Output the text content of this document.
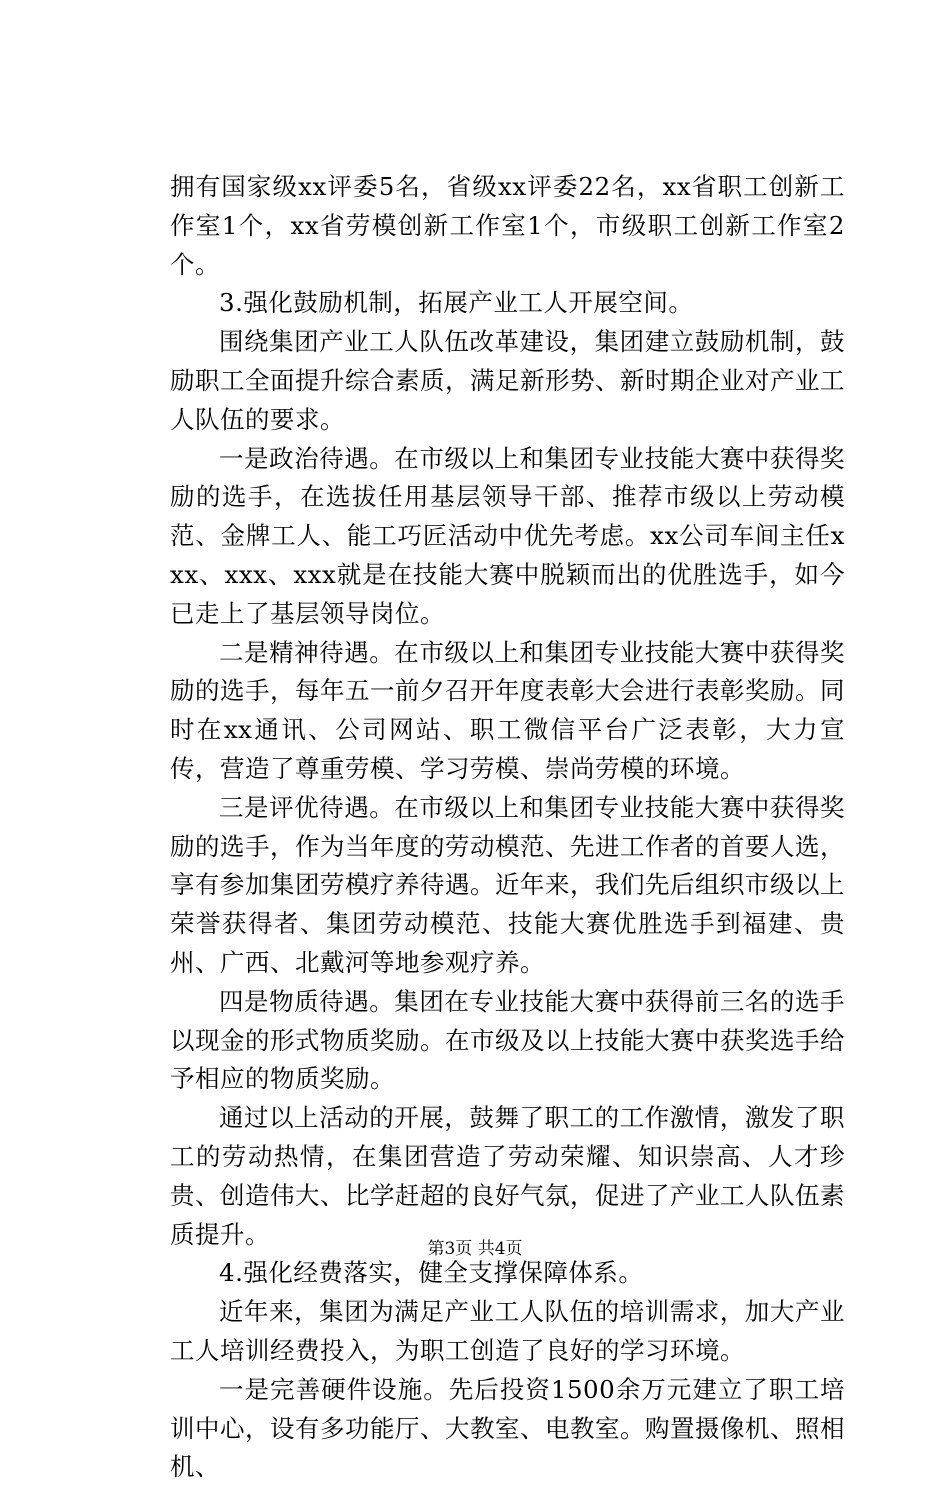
拥有国家级xx评委5名，省级xx评委22名，xx省职工创新工作室1个，xx省劳模创新工作室1个，市级职工创新工作室2个。

3.强化鼓励机制，拓展产业工人开展空间。

围绕集团产业工人队伍改革建设，集团建立鼓励机制，鼓励职工全面提升综合素质，满足新形势、新时期企业对产业工人队伍的要求。

一是政治待遇。在市级以上和集团专业技能大赛中获得奖励的选手，在选拔任用基层领导干部、推荐市级以上劳动模范、金牌工人、能工巧匠活动中优先考虑。xx公司车间主任xxx、xxx、xxx就是在技能大赛中脱颖而出的优胜选手，如今已走上了基层领导岗位。

二是精神待遇。在市级以上和集团专业技能大赛中获得奖励的选手，每年五一前夕召开年度表彰大会进行表彰奖励。同时在xx通讯、公司网站、职工微信平台广泛表彰，大力宣传，营造了尊重劳模、学习劳模、崇尚劳模的环境。

三是评优待遇。在市级以上和集团专业技能大赛中获得奖励的选手，作为当年度的劳动模范、先进工作者的首要人选，享有参加集团劳模疗养待遇。近年来，我们先后组织市级以上荣誉获得者、集团劳动模范、技能大赛优胜选手到福建、贵州、广西、北戴河等地参观疗养。

四是物质待遇。集团在专业技能大赛中获得前三名的选手以现金的形式物质奖励。在市级及以上技能大赛中获奖选手给予相应的物质奖励。

通过以上活动的开展，鼓舞了职工的工作激情，激发了职工的劳动热情，在集团营造了劳动荣耀、知识崇高、人才珍贵、创造伟大、比学赶超的良好气氛，促进了产业工人队伍素质提升。

4.强化经费落实，健全支撑保障体系。

近年来，集团为满足产业工人队伍的培训需求，加大产业工人培训经费投入，为职工创造了良好的学习环境。

一是完善硬件设施。先后投资1500余万元建立了职工培训中心，设有多功能厅、大教室、电教室。购置摄像机、照相机、

第3页 共4页
